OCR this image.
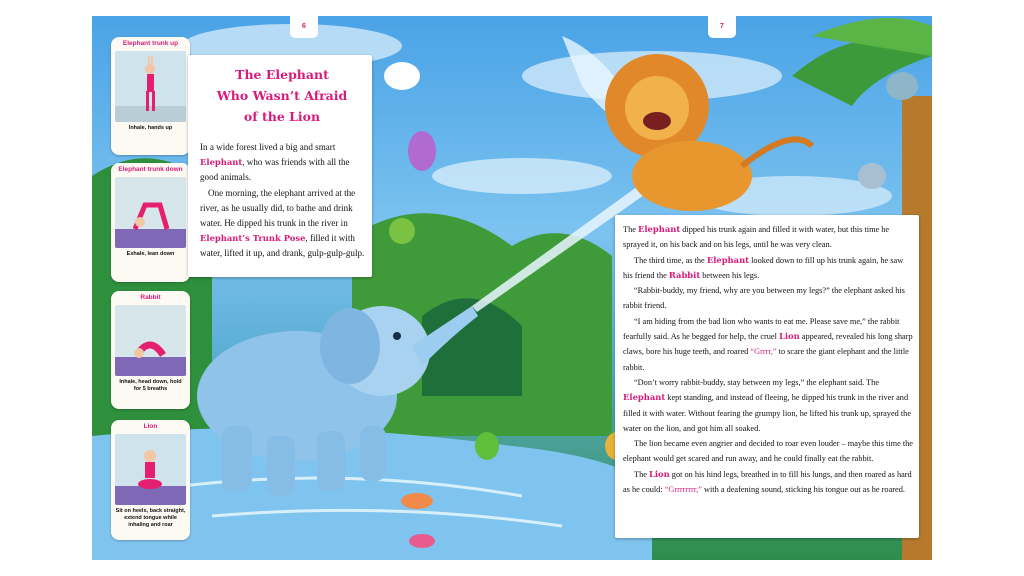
6	7
Elephant trunk up
Inhale, hands up
Elephant trunk down
Exhale, lean down
Rabbit
Inhale, head down, hold for 5 breaths
Lion
Sit on heels, back straight, extend tongue while inhaling and roar
The Elephant
Who Wasn’t Afraid
of the Lion

In a wide forest lived a big and smart Elephant, who was friends with all the good animals.

One morning, the elephant arrived at the river, as he usually did, to bathe and drink water. He dipped his trunk in the river in Elephant’s Trunk Pose, filled it with water, lifted it up, and drank, gulp-gulp-gulp.

The Elephant dipped his trunk again and filled it with water, but this time he sprayed it, on his back and on his legs, until he was very clean.

The third time, as the Elephant looked down to fill up his trunk again, he saw his friend the Rabbit between his legs.

“Rabbit-buddy, my friend, why are you between my legs?” the elephant asked his rabbit friend.

“I am hiding from the bad lion who wants to eat me. Please save me,” the rabbit fearfully said. As he begged for help, the cruel Lion appeared, revealed his long sharp claws, bore his huge teeth, and roared “Grrrr,” to scare the giant elephant and the little rabbit.

“Don’t worry rabbit-buddy, stay between my legs,” the elephant said. The Elephant kept standing, and instead of fleeing, he dipped his trunk in the river and filled it with water. Without fearing the grumpy lion, he lifted his trunk up, sprayed the water on the lion, and got him all soaked.

The lion became even angrier and decided to roar even louder – maybe this time the elephant would get scared and run away, and he could finally eat the rabbit.

The Lion got on his hind legs, breathed in to fill his lungs, and then roared as hard as he could: “Grrrrrrrr,” with a deafening sound, sticking his tongue out as he roared.
